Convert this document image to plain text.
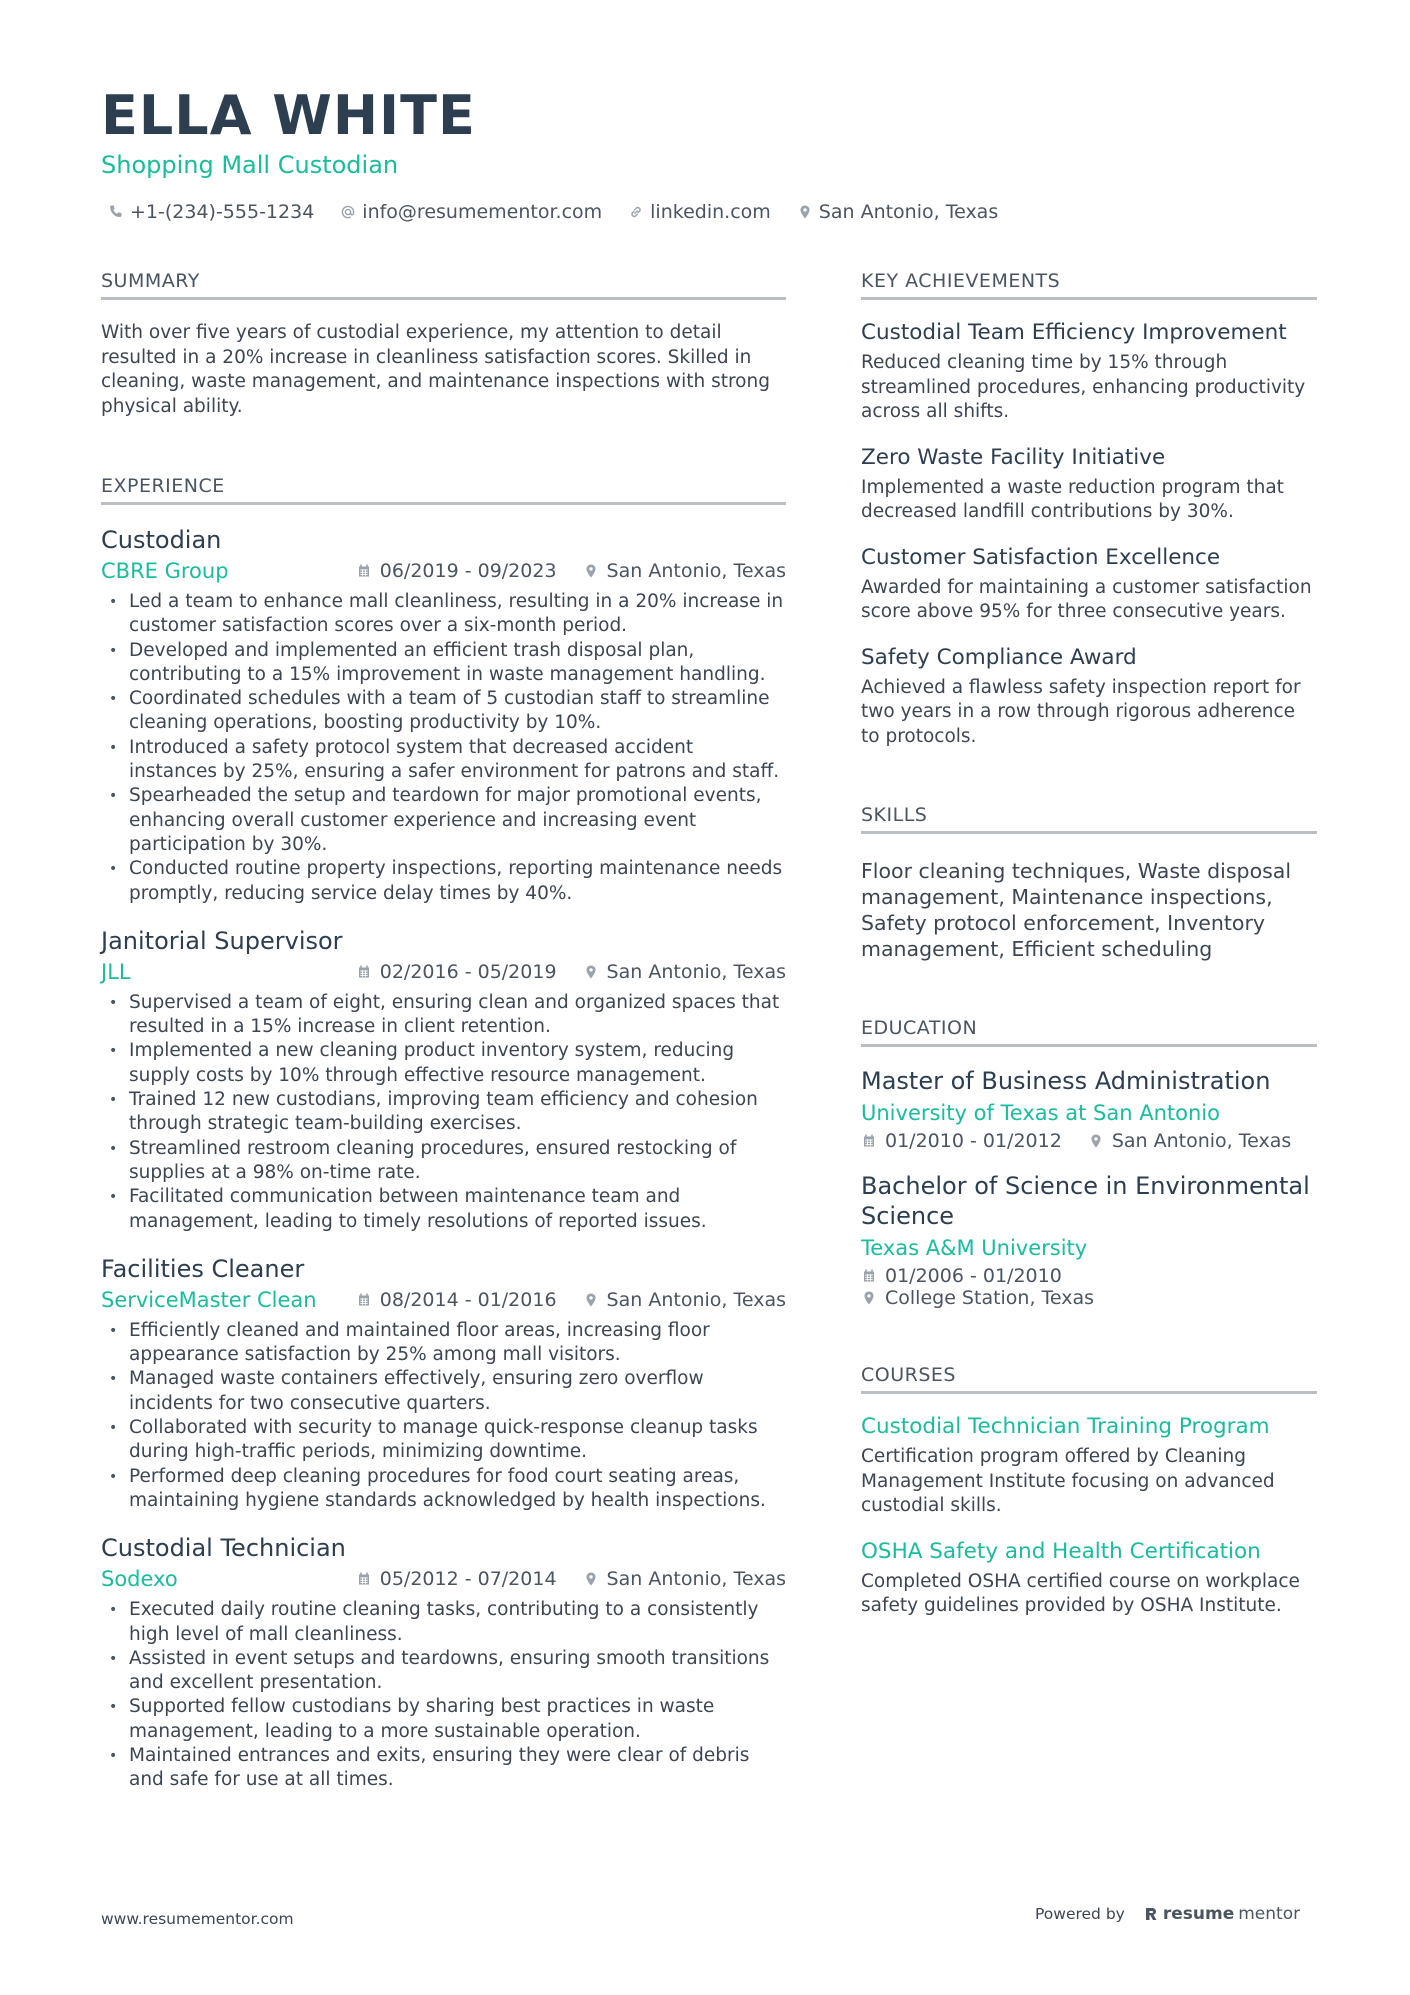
ELLA WHITE
Shopping Mall Custodian
+1-(234)-555-1234	info@resumementor.com	linkedin.com	San Antonio, Texas
SUMMARY
With over five years of custodial experience, my attention to detail resulted in a 20% increase in cleanliness satisfaction scores. Skilled in cleaning, waste management, and maintenance inspections with strong physical ability.
EXPERIENCE
Custodian
CBRE Group	06/2019 - 09/2023	San Antonio, Texas
• Led a team to enhance mall cleanliness, resulting in a 20% increase in customer satisfaction scores over a six-month period.
• Developed and implemented an efficient trash disposal plan, contributing to a 15% improvement in waste management handling.
• Coordinated schedules with a team of 5 custodian staff to streamline cleaning operations, boosting productivity by 10%.
• Introduced a safety protocol system that decreased accident instances by 25%, ensuring a safer environment for patrons and staff.
• Spearheaded the setup and teardown for major promotional events, enhancing overall customer experience and increasing event participation by 30%.
• Conducted routine property inspections, reporting maintenance needs promptly, reducing service delay times by 40%.
Janitorial Supervisor
JLL	02/2016 - 05/2019	San Antonio, Texas
• Supervised a team of eight, ensuring clean and organized spaces that resulted in a 15% increase in client retention.
• Implemented a new cleaning product inventory system, reducing supply costs by 10% through effective resource management.
• Trained 12 new custodians, improving team efficiency and cohesion through strategic team-building exercises.
• Streamlined restroom cleaning procedures, ensured restocking of supplies at a 98% on-time rate.
• Facilitated communication between maintenance team and management, leading to timely resolutions of reported issues.
Facilities Cleaner
ServiceMaster Clean	08/2014 - 01/2016	San Antonio, Texas
• Efficiently cleaned and maintained floor areas, increasing floor appearance satisfaction by 25% among mall visitors.
• Managed waste containers effectively, ensuring zero overflow incidents for two consecutive quarters.
• Collaborated with security to manage quick-response cleanup tasks during high-traffic periods, minimizing downtime.
• Performed deep cleaning procedures for food court seating areas, maintaining hygiene standards acknowledged by health inspections.
Custodial Technician
Sodexo	05/2012 - 07/2014	San Antonio, Texas
• Executed daily routine cleaning tasks, contributing to a consistently high level of mall cleanliness.
• Assisted in event setups and teardowns, ensuring smooth transitions and excellent presentation.
• Supported fellow custodians by sharing best practices in waste management, leading to a more sustainable operation.
• Maintained entrances and exits, ensuring they were clear of debris and safe for use at all times.
KEY ACHIEVEMENTS
Custodial Team Efficiency Improvement
Reduced cleaning time by 15% through streamlined procedures, enhancing productivity across all shifts.
Zero Waste Facility Initiative
Implemented a waste reduction program that decreased landfill contributions by 30%.
Customer Satisfaction Excellence
Awarded for maintaining a customer satisfaction score above 95% for three consecutive years.
Safety Compliance Award
Achieved a flawless safety inspection report for two years in a row through rigorous adherence to protocols.
SKILLS
Floor cleaning techniques, Waste disposal management, Maintenance inspections, Safety protocol enforcement, Inventory management, Efficient scheduling
EDUCATION
Master of Business Administration
University of Texas at San Antonio
01/2010 - 01/2012	San Antonio, Texas
Bachelor of Science in Environmental Science
Texas A&M University
01/2006 - 01/2010
College Station, Texas
COURSES
Custodial Technician Training Program
Certification program offered by Cleaning Management Institute focusing on advanced custodial skills.
OSHA Safety and Health Certification
Completed OSHA certified course on workplace safety guidelines provided by OSHA Institute.
www.resumementor.com	Powered by resume mentor
